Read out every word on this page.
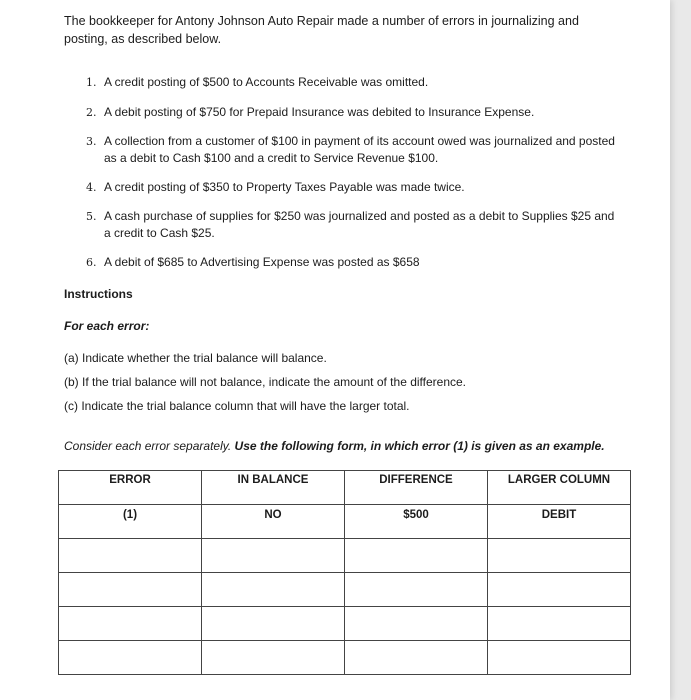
The bookkeeper for Antony Johnson Auto Repair made a number of errors in journalizing and posting, as described below.
1. A credit posting of $500 to Accounts Receivable was omitted.
2. A debit posting of $750 for Prepaid Insurance was debited to Insurance Expense.
3. A collection from a customer of $100 in payment of its account owed was journalized and posted as a debit to Cash $100 and a credit to Service Revenue $100.
4. A credit posting of $350 to Property Taxes Payable was made twice.
5. A cash purchase of supplies for $250 was journalized and posted as a debit to Supplies $25 and a credit to Cash $25.
6. A debit of $685 to Advertising Expense was posted as $658
Instructions
For each error:
(a) Indicate whether the trial balance will balance.
(b) If the trial balance will not balance, indicate the amount of the difference.
(c) Indicate the trial balance column that will have the larger total.
Consider each error separately. Use the following form, in which error (1) is given as an example.
ERROR	IN BALANCE	DIFFERENCE	LARGER COLUMN
(1)	NO	$500	DEBIT
